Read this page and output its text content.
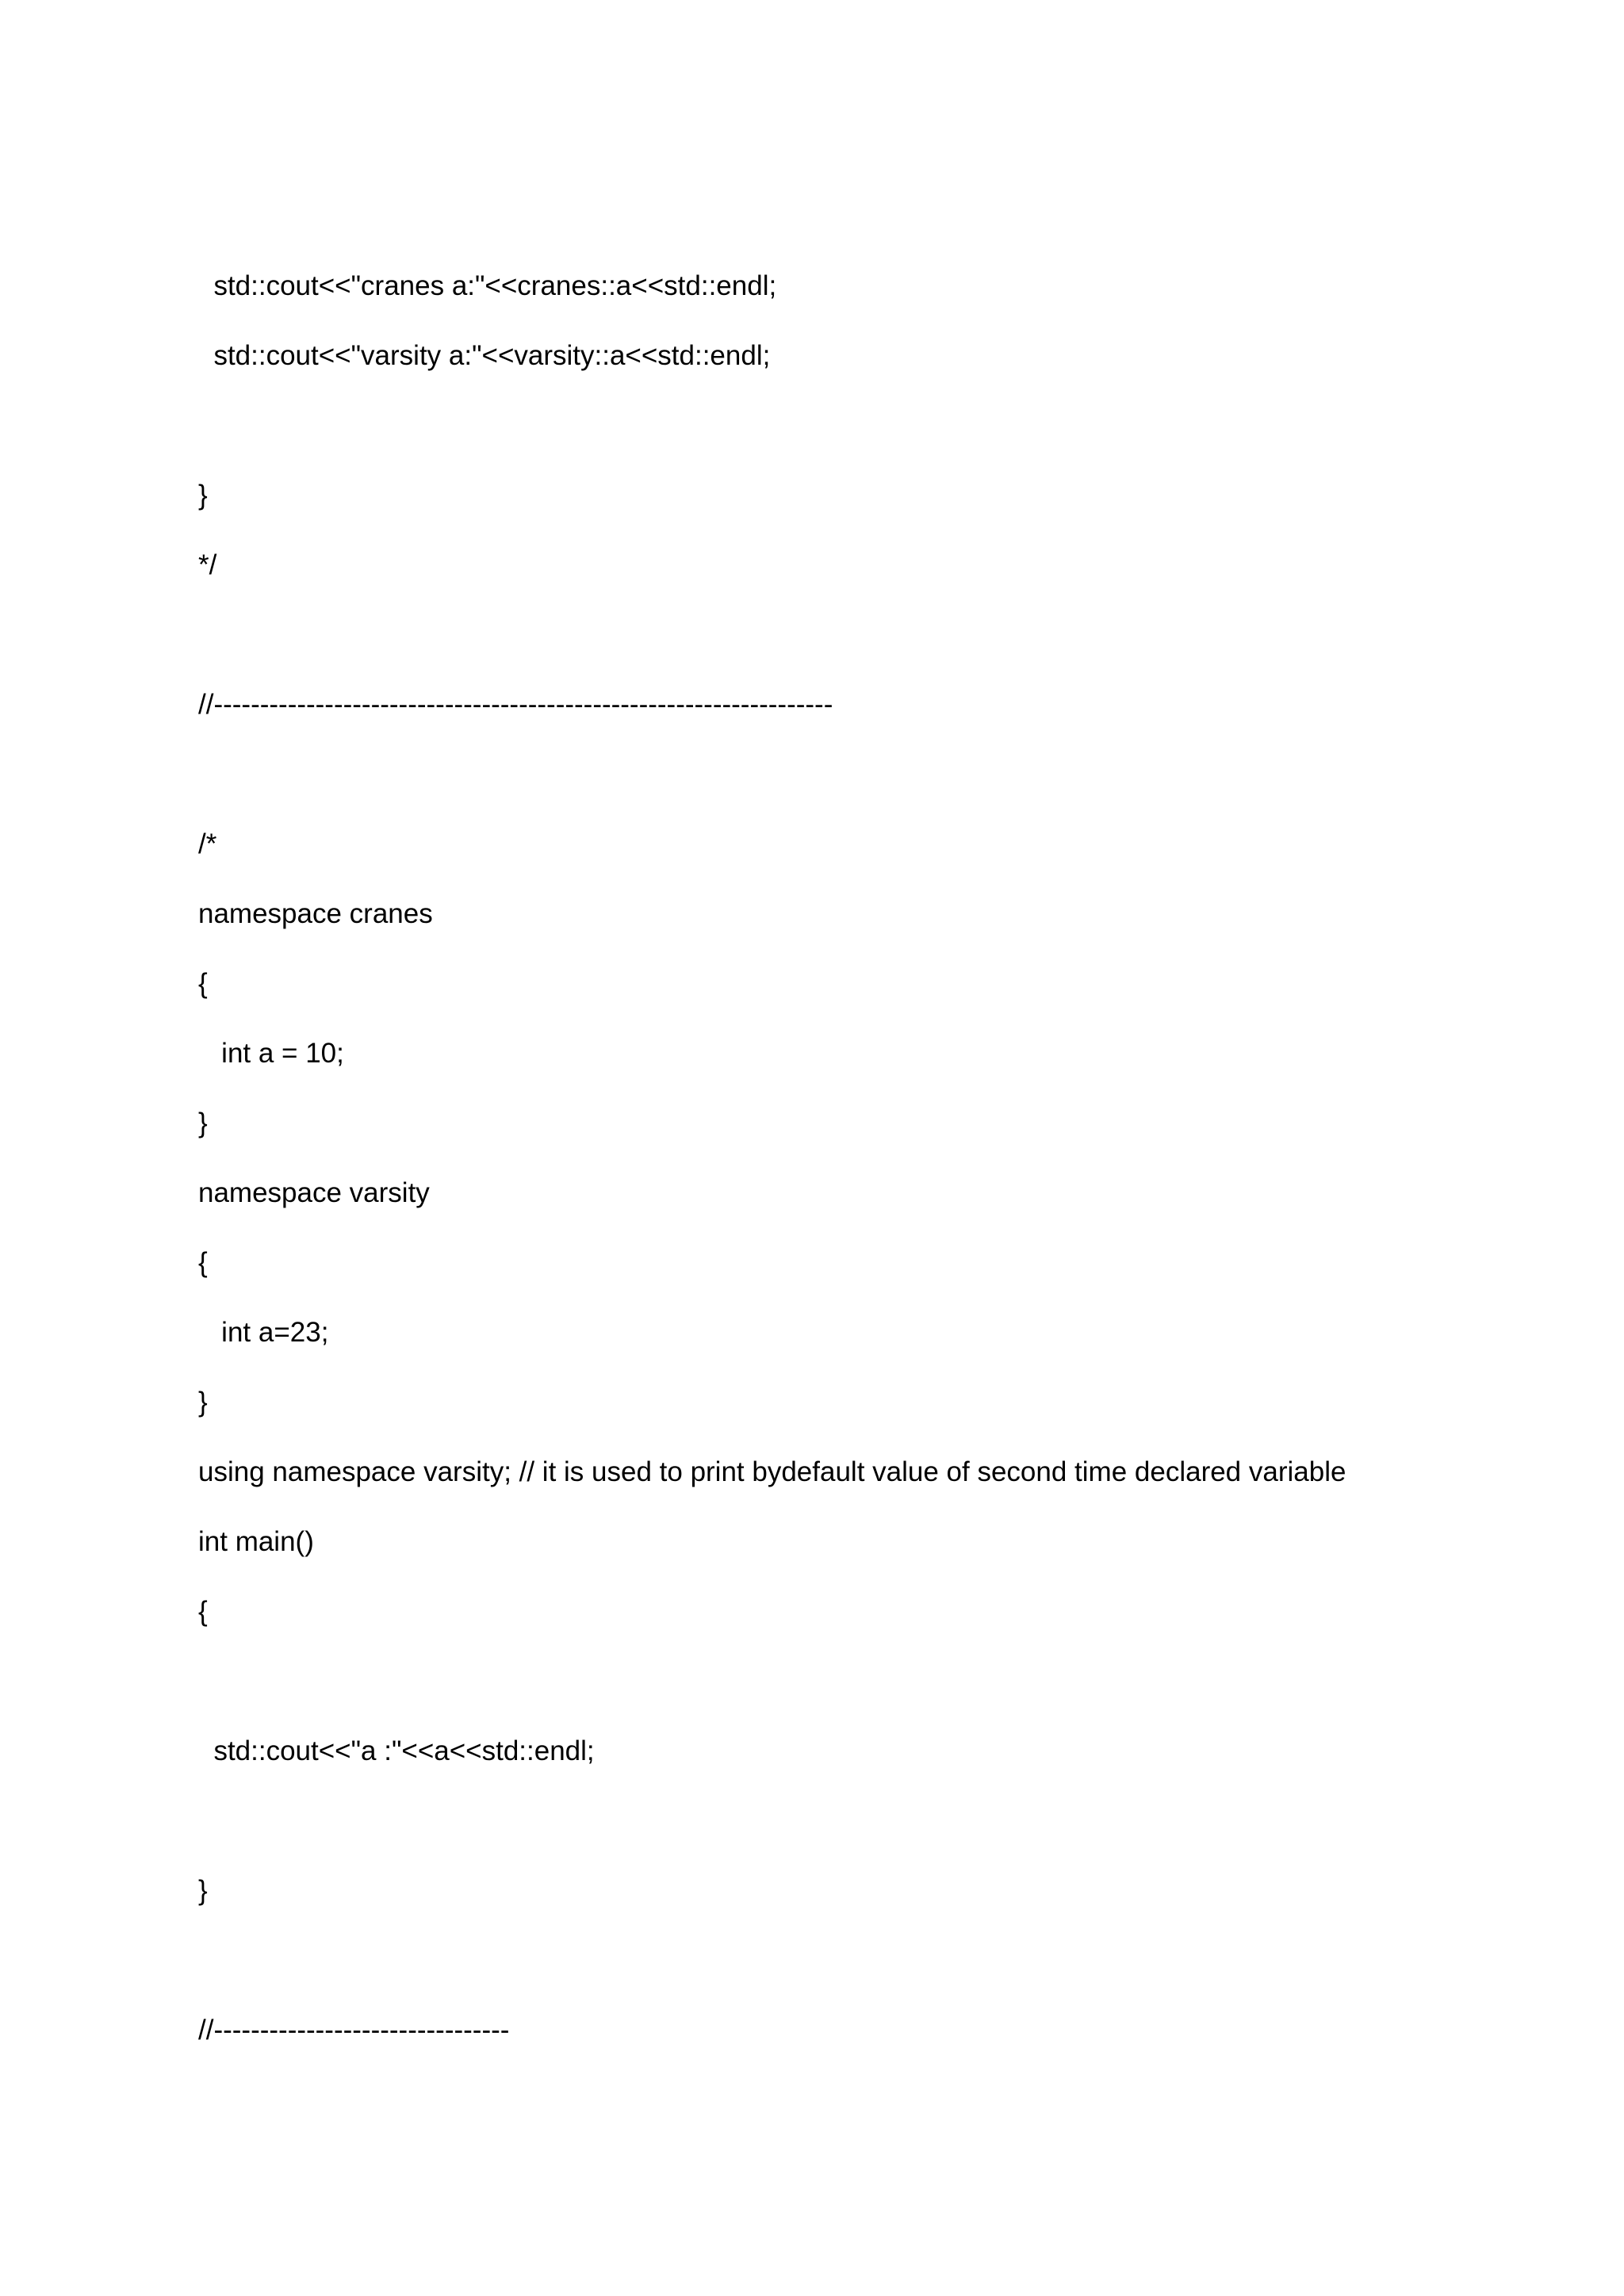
std::cout<<"cranes a:"<<cranes::a<<std::endl;
std::cout<<"varsity a:"<<varsity::a<<std::endl;
}
*/
//-------------------------------------------------------------------
/*
namespace cranes
{
int a = 10;
}
namespace varsity
{
int a=23;
}
using namespace varsity; // it is used to print bydefault value of second time declared variable
int main()
{
std::cout<<"a :"<<a<<std::endl;
}
//--------------------------------
